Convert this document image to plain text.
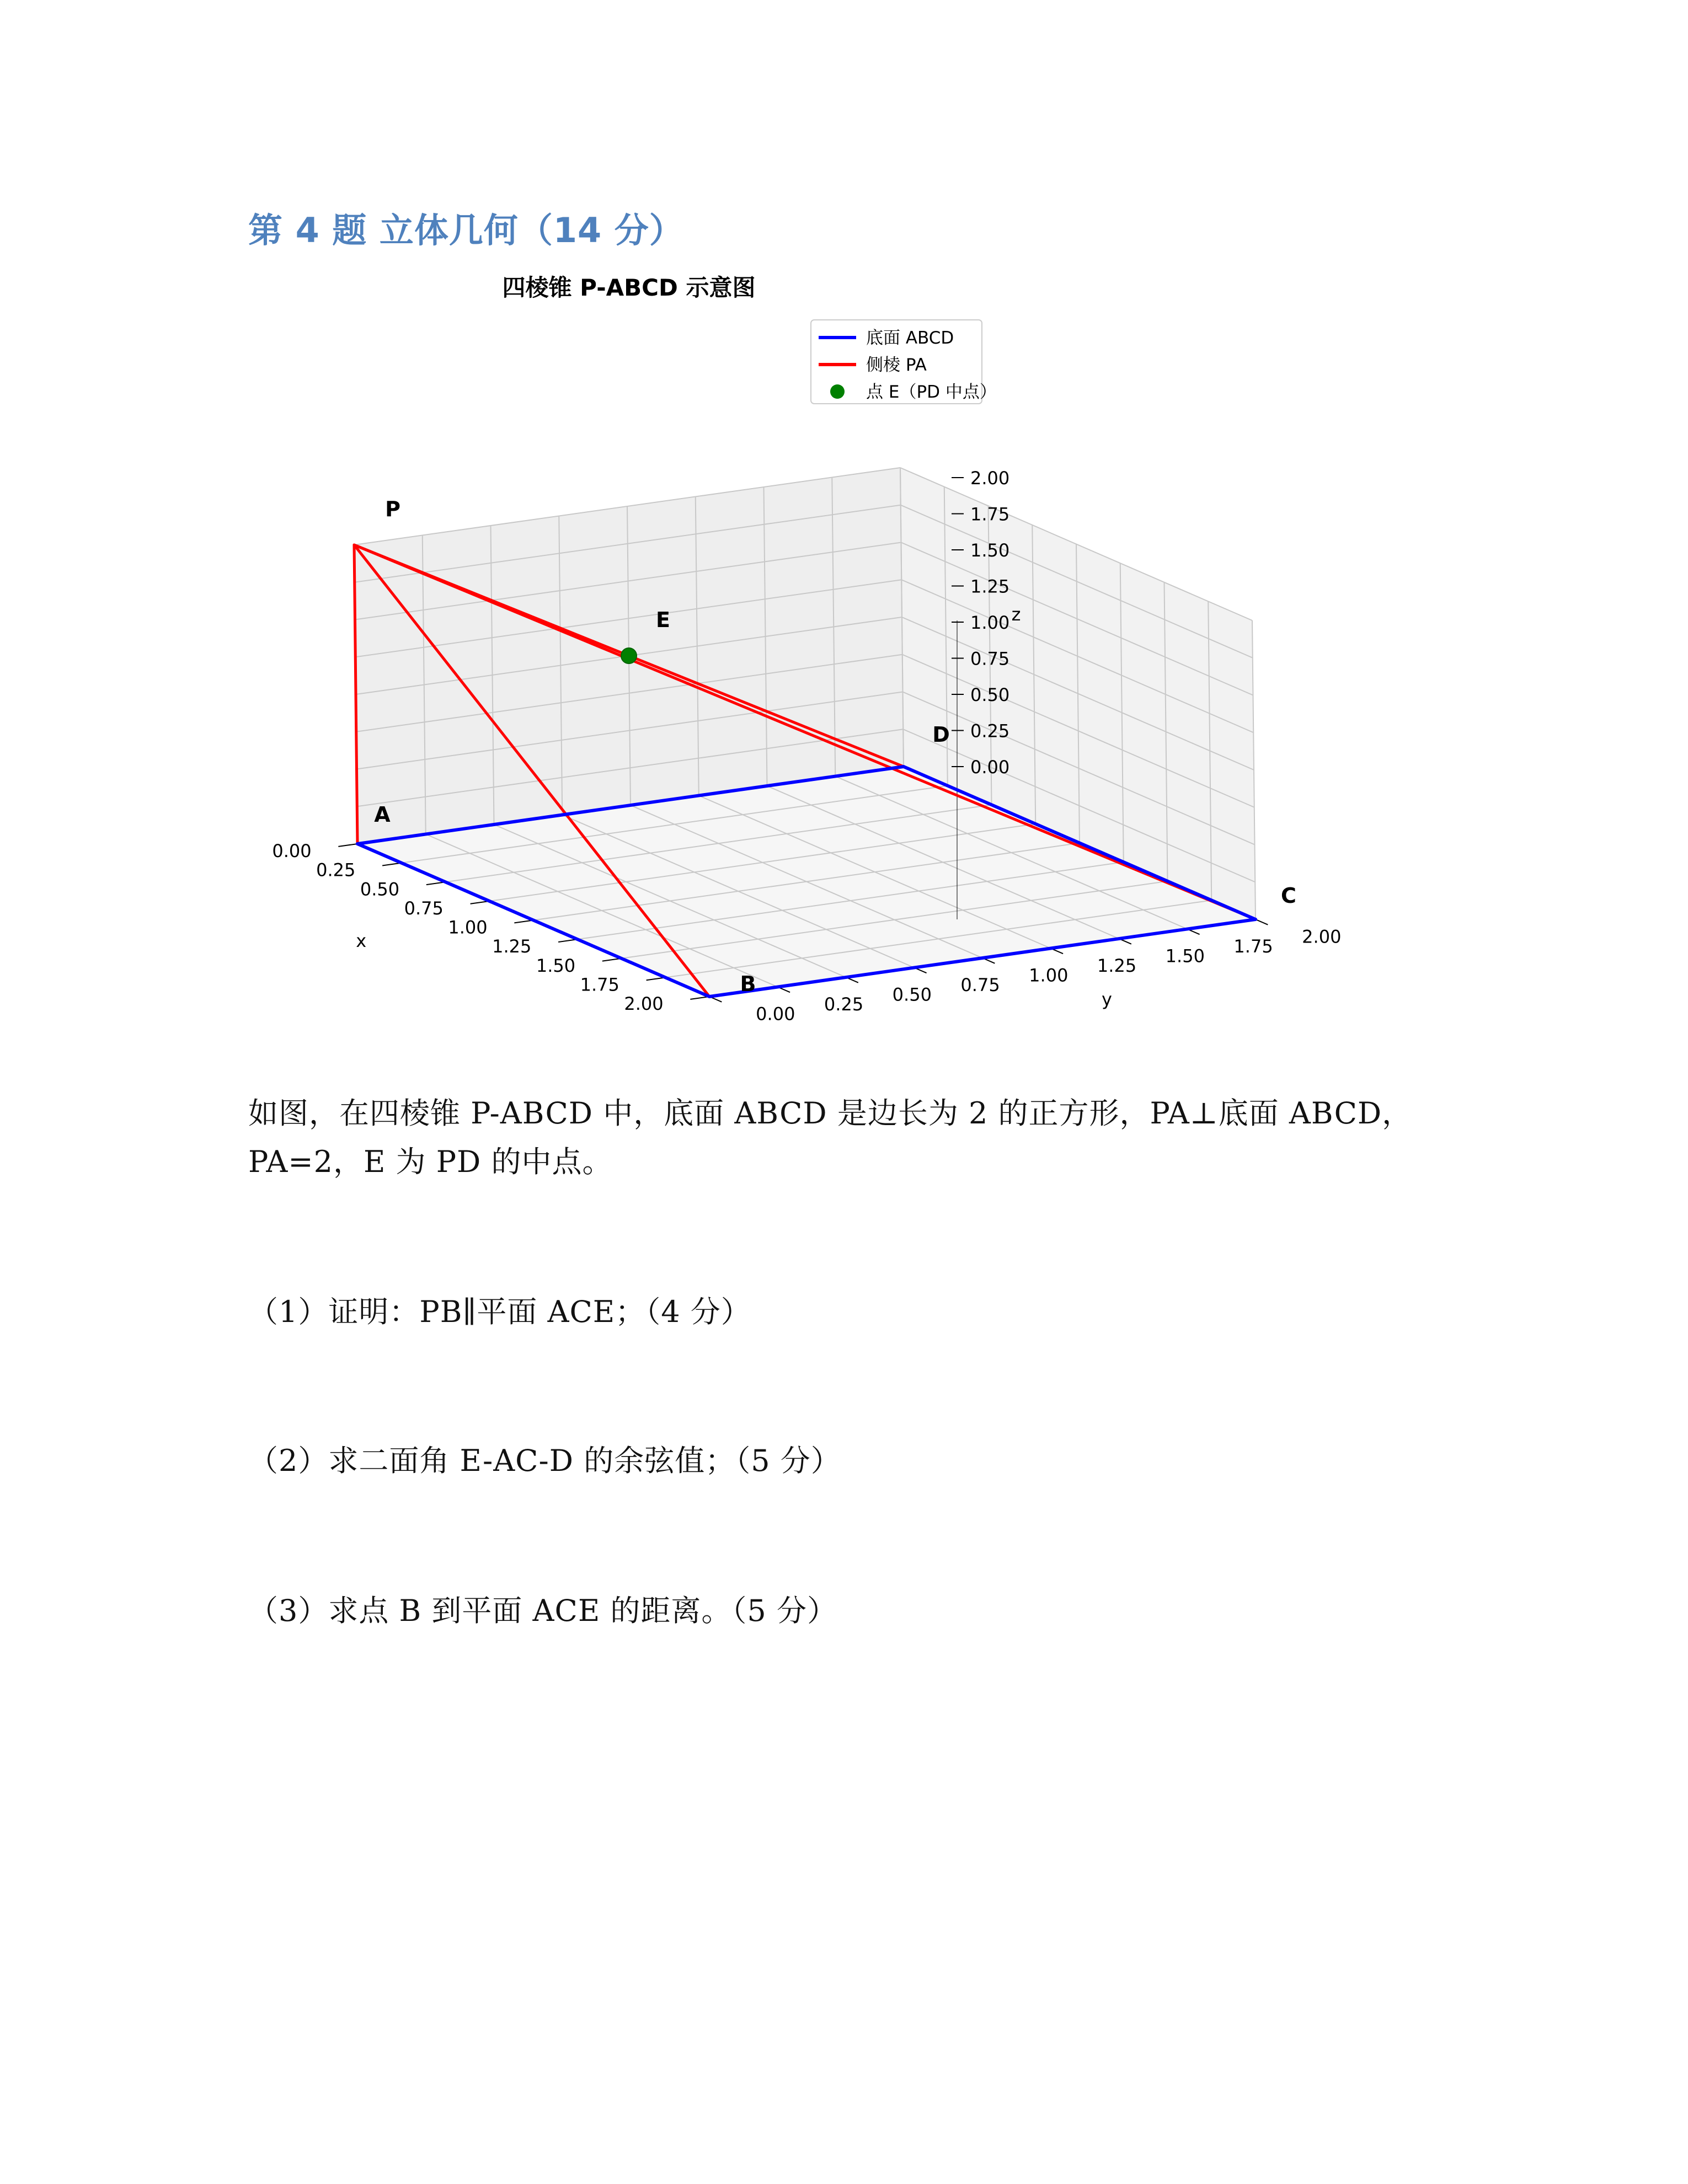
第 4 题 立体几何（14 分）
0.00
0.25
0.50
0.75
1.00
1.25
1.50
1.75
2.00	0.00 0.25 0.50 0.75 1.00 1.25 1.50 1.75 2.00
0.00
0.25
0.50
0.75
1.00
1.25
1.50
1.75
2.00
x
y
z
A
B
C
D
P
E
四棱锥 P-ABCD 示意图
底面 ABCD
侧棱 PA
点 E（PD 中点）

如图，在四棱锥 P-ABCD 中，底面 ABCD 是边长为 2 的正方形，PA⊥底面 ABCD，

PA=2，E 为 PD 的中点。

（1）证明：PB∥平面 ACE；（4 分）

（2）求二面角 E-AC-D 的余弦值；（5 分）

（3）求点 B 到平面 ACE 的距离。（5 分）
